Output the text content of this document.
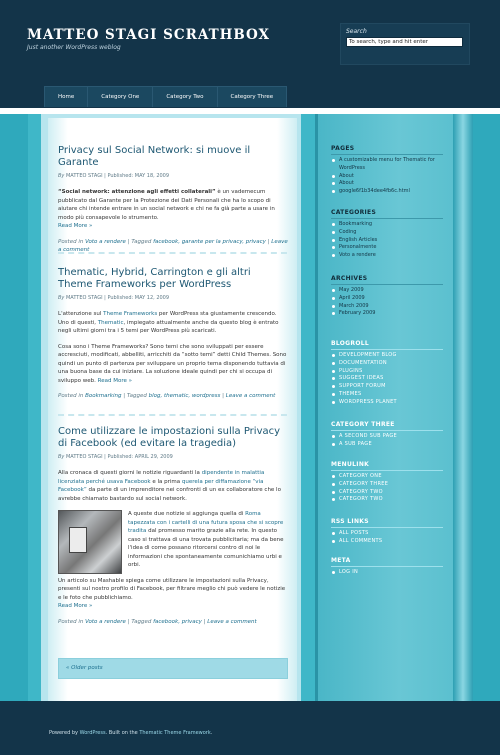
MATTEO STAGI SCRATHBOX
Just another WordPress weblog
Search
To search, type and hit enter
Home	Category One	Category Two	Category Three
Privacy sul Social Network: si muove il Garante
By MATTEO STAGI | Published: MAY 18, 2009

“Social network: attenzione agli effetti collaterali” è un vademecum pubblicato dal Garante per la Protezione dei Dati Personali che ha lo scopo di aiutare chi intende entrare in un social network e chi ne fa già parte a usare in modo più consapevole lo strumento.
Read More »

Posted in Voto a rendere | Tagged facebook, garante per la privacy, privacy | Leave a comment
Thematic, Hybrid, Carrington e gli altri Theme Frameworks per WordPress
By MATTEO STAGI | Published: MAY 12, 2009

L'attenzione sul Theme Frameworks per WordPress sta giustamente crescendo. Uno di questi, Thematic, impiegato attualmente anche da questo blog è entrato negli ultimi giorni tra i 5 temi per WordPress più scaricati.

Cosa sono i Theme Frameworks? Sono temi che sono sviluppati per essere accresciuti, modificati, abbelliti, arricchiti da “sotto temi” detti Child Themes. Sono quindi un punto di partenza per sviluppare un proprio tema disponendo tuttavia di una buona base da cui iniziare. La soluzione ideale quindi per chi si occupa di sviluppo web. Read More »

Posted in Bookmarking | Tagged blog, thematic, wordpress | Leave a comment
Come utilizzare le impostazioni sulla Privacy di Facebook (ed evitare la tragedia)
By MATTEO STAGI | Published: APRIL 29, 2009

Alla cronaca di questi giorni le notizie riguardanti la dipendente in malattia licenziata perché usava Facebook e la prima querela per diffamazione “via Facebook” da parte di un imprenditore nei confronti di un ex collaboratore che lo avrebbe chiamato bastardo sul social network.

A queste due notizie si aggiunga quella di Roma tapezzata con i cartelli di una futura sposa che si scopre tradita dal promesso marito grazie alla rete. In questo caso si trattava di una trovata pubblicitaria; ma da bene l'idea di come possano ritorcersi contro di noi le informazioni che spontaneamente comunichiamo urbi e orbi.

Un articolo su Mashable spiega come utilizzare le impostazioni sulla Privacy, presenti sul nostro profilo di Facebook, per filtrare meglio chi può vedere le notizie e le foto che pubblichiamo.
Read More »

Posted in Voto a rendere | Tagged facebook, privacy | Leave a comment
« Older posts
PAGES
A customizable menu for Thematic for WordPress
About
About
google6f1b34dee4fb6c.html
CATEGORIES
Bookmarking
Coding
English Articles
Personalmente
Voto a rendere
ARCHIVES
May 2009
April 2009
March 2009
February 2009
BLOGROLL
DEVELOPMENT BLOG
DOCUMENTATION
PLUGINS
SUGGEST IDEAS
SUPPORT FORUM
THEMES
WORDPRESS PLANET
CATEGORY THREE
A SECOND SUB PAGE
A SUB PAGE
MENULINK
CATEGORY ONE
CATEGORY THREE
CATEGORY TWO
CATEGORY TWO
RSS LINKS
ALL POSTS
ALL COMMENTS
META
LOG IN
Powered by WordPress. Built on the Thematic Theme Framework.
